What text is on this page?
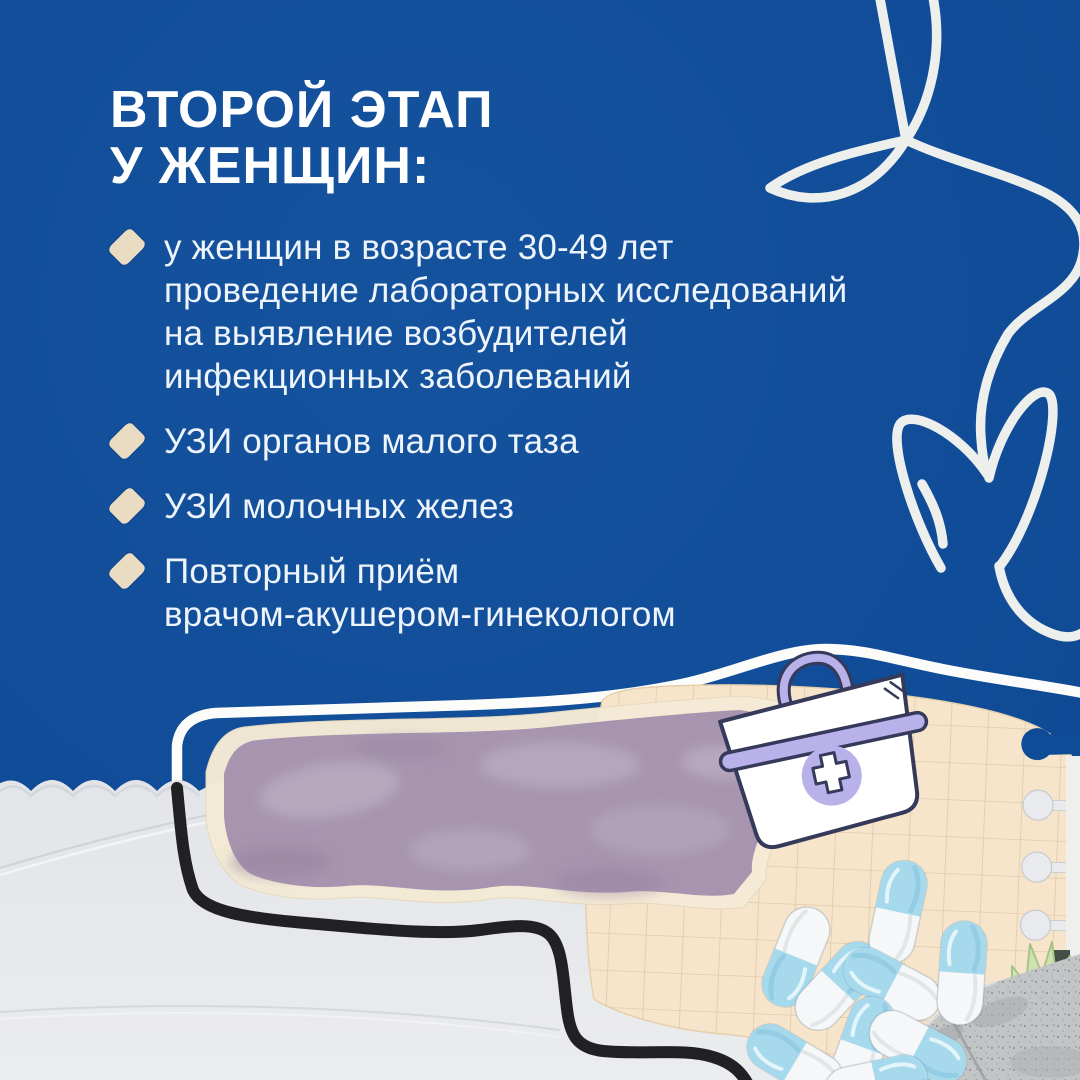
ВТОРОЙ ЭТАП
У ЖЕНЩИН:
у женщин в возрасте 30-49 лет
проведение лабораторных исследований
на выявление возбудителей
инфекционных заболеваний
УЗИ органов малого таза
УЗИ молочных желез
Повторный приём
врачом-акушером-гинекологом
